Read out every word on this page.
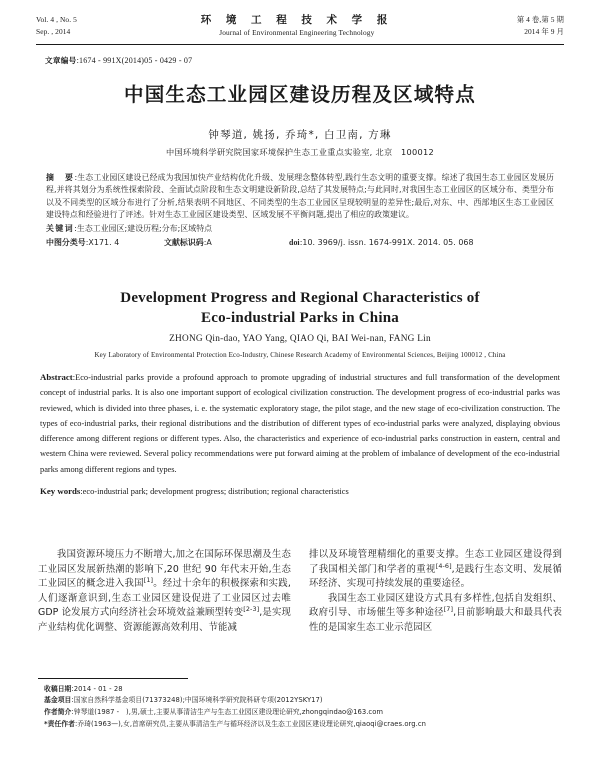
Vol. 4 , No. 5
Sep. , 2014
环 境 工 程 技 术 学 报
Journal of Environmental Engineering Technology
第 4 卷,第 5 期
2014 年 9 月
文章编号:1674 - 991X(2014)05 - 0429 - 07
中国生态工业园区建设历程及区域特点
钟琴道, 姚扬, 乔琦*, 白卫南, 方琳
中国环境科学研究院国家环境保护生态工业重点实验室, 北京　100012

摘　要:生态工业园区建设已经成为我国加快产业结构优化升级、发展理念整体转型,践行生态文明的重要支撑。综述了我国生态工业园区发展历程,并将其划分为系统性探索阶段、全面试点阶段和生态文明建设新阶段,总结了其发展特点;与此同时,对我国生态工业园区的区域分布、类型分布以及不同类型的区域分布进行了分析,结果表明不同地区、不同类型的生态工业园区呈现较明显的差异性;最后,对东、中、西部地区生态工业园区建设特点和经验进行了评述。针对生态工业园区建设类型、区域发展不平衡问题,提出了相应的政策建议。

关键词:生态工业园区;建设历程;分布;区域特点

中图分类号:X171. 4	文献标识码:A	doi:10. 3969/j. issn. 1674-991X. 2014. 05. 068
Development Progress and Regional Characteristics of
Eco-industrial Parks in China
ZHONG Qin-dao, YAO Yang, QIAO Qi, BAI Wei-nan, FANG Lin
Key Laboratory of Environmental Protection Eco-Industry, Chinese Research Academy of Environmental Sciences, Beijing 100012 , China
Abstract:Eco-industrial parks provide a profound approach to promote upgrading of industrial structures and full transformation of the development concept of industrial parks. It is also one important support of ecological civilization construction. The development progress of eco-industrial parks was reviewed, which is divided into three phases, i. e. the systematic exploratory stage, the pilot stage, and the new stage of eco-civilization construction. The types of eco-industrial parks, their regional distributions and the distribution of different types of eco-industrial parks were analyzed, displaying obvious difference among different regions or different types. Also, the characteristics and experience of eco-industrial parks construction in eastern, central and western China were reviewed. Several policy recommendations were put forward aiming at the problem of imbalance of development of the eco-industrial parks among different regions and types.
Key words:eco-industrial park; development progress; distribution; regional characteristics

我国资源环境压力不断增大,加之在国际环保思潮及生态工业园区发展新热潮的影响下,20 世纪 90 年代末开始,生态工业园区的概念进入我国[1]。经过十余年的积极探索和实践,人们逐渐意识到,生态工业园区建设促进了工业园区过去唯 GDP 论发展方式向经济社会环境效益兼顾型转变[2-3],是实现产业结构优化调整、资源能源高效利用、节能减

排以及环境管理精细化的重要支撑。生态工业园区建设得到了我国相关部门和学者的重视[4-6],是践行生态文明、发展循环经济、实现可持续发展的重要途径。

我国生态工业园区建设方式具有多样性,包括自发组织、政府引导、市场催生等多种途径[7],目前影响最大和最具代表性的是国家生态工业示范园区

收稿日期:2014 - 01 - 28
基金项目:国家自然科学基金项目(71373248);中国环境科学研究院科研专项(2012YSKY17)
作者简介:钟琴道(1987 -　),男,硕士,主要从事清洁生产与生态工业园区建设理论研究,zhongqindao@163.com
*责任作者:乔琦(1963—),女,首席研究员,主要从事清洁生产与循环经济以及生态工业园区建设理论研究,qiaoqi@craes.org.cn
